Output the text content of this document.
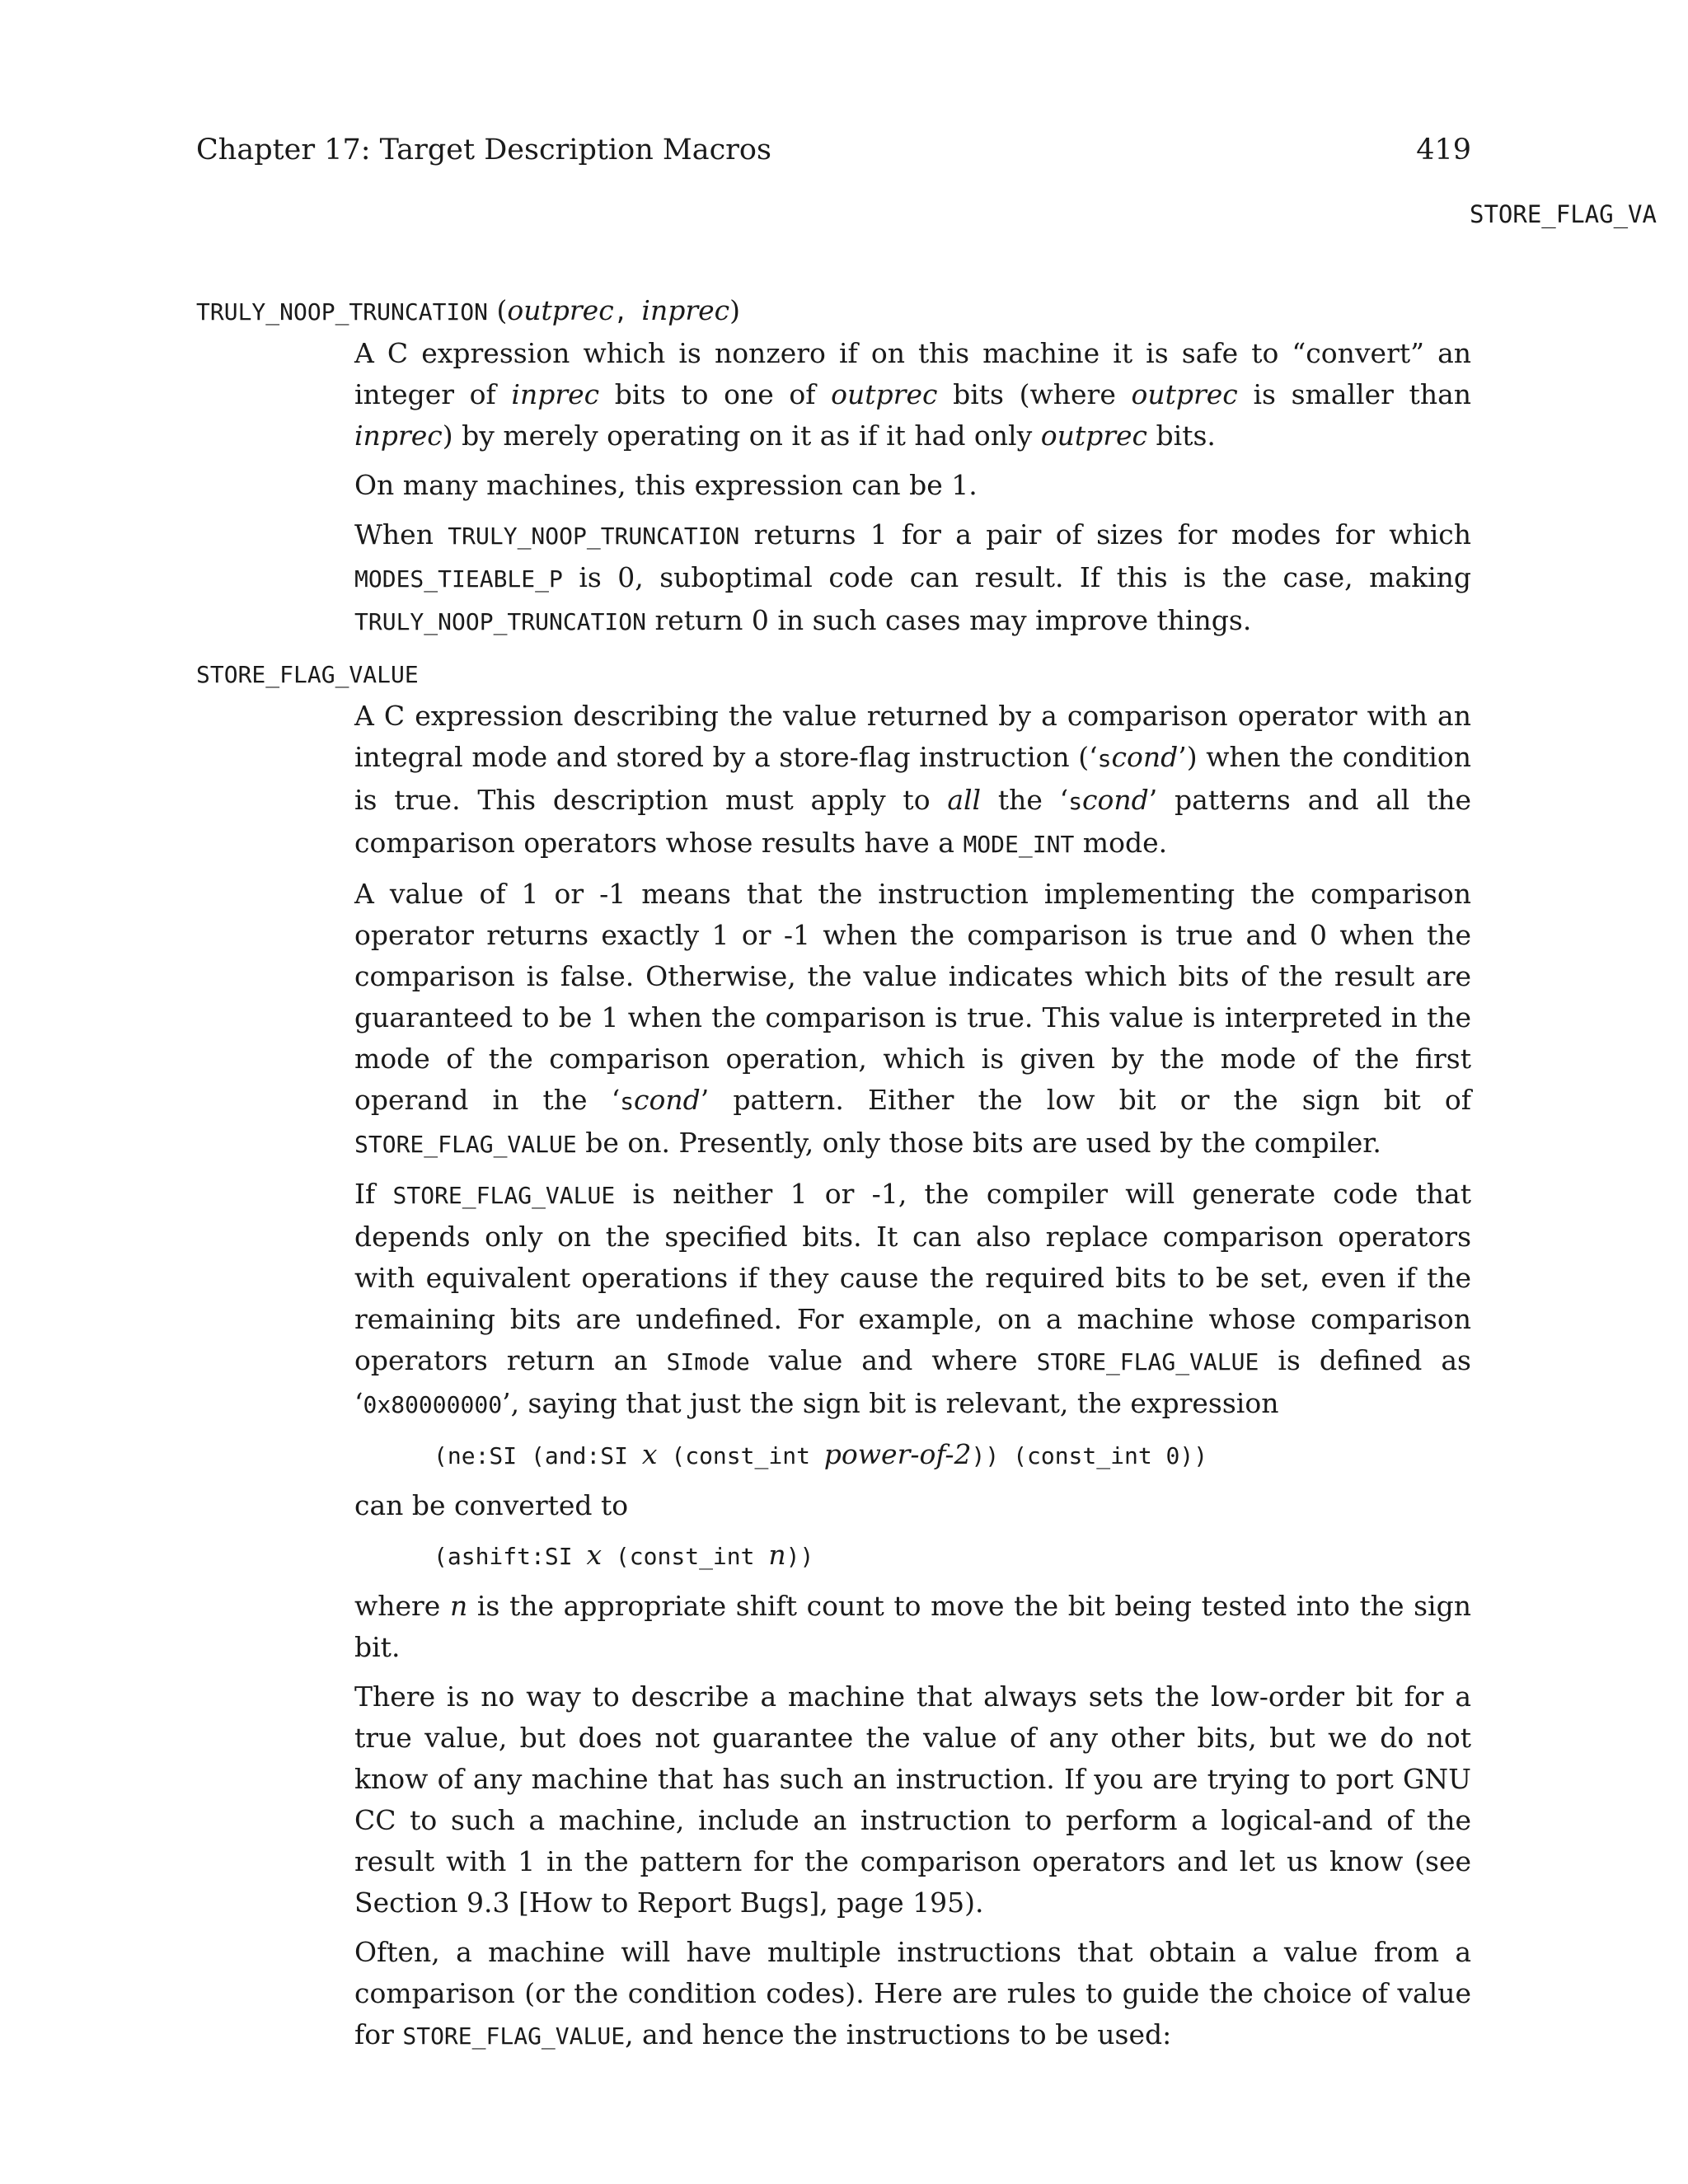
Chapter 17: Target Description Macros	419
STORE_FLAG_VA
TRULY_NOOP_TRUNCATION (outprec, inprec)

A C expression which is nonzero if on this machine it is safe to “convert” an integer of inprec bits to one of outprec bits (where outprec is smaller than inprec) by merely operating on it as if it had only outprec bits.

On many machines, this expression can be 1.

When TRULY_NOOP_TRUNCATION returns 1 for a pair of sizes for modes for which MODES_TIEABLE_P is 0, suboptimal code can result. If this is the case, making TRULY_NOOP_TRUNCATION return 0 in such cases may improve things.

STORE_FLAG_VALUE

A C expression describing the value returned by a comparison operator with an integral mode and stored by a store-flag instruction (‘scond’) when the condition is true. This description must apply to all the ‘scond’ patterns and all the comparison operators whose results have a MODE_INT mode.

A value of 1 or -1 means that the instruction implementing the comparison operator returns exactly 1 or -1 when the comparison is true and 0 when the comparison is false. Otherwise, the value indicates which bits of the result are guaranteed to be 1 when the comparison is true. This value is interpreted in the mode of the comparison operation, which is given by the mode of the first operand in the ‘scond’ pattern. Either the low bit or the sign bit of STORE_FLAG_VALUE be on. Presently, only those bits are used by the compiler.

If STORE_FLAG_VALUE is neither 1 or -1, the compiler will generate code that depends only on the specified bits. It can also replace comparison operators with equivalent operations if they cause the required bits to be set, even if the remaining bits are undefined. For example, on a machine whose comparison operators return an SImode value and where STORE_FLAG_VALUE is defined as ‘0x80000000’, saying that just the sign bit is relevant, the expression

(ne:SI (and:SI x (const_int power-of-2)) (const_int 0))

can be converted to

(ashift:SI x (const_int n))

where n is the appropriate shift count to move the bit being tested into the sign bit.

There is no way to describe a machine that always sets the low-order bit for a true value, but does not guarantee the value of any other bits, but we do not know of any machine that has such an instruction. If you are trying to port GNU CC to such a machine, include an instruction to perform a logical-and of the result with 1 in the pattern for the comparison operators and let us know (see Section 9.3 [How to Report Bugs], page 195).

Often, a machine will have multiple instructions that obtain a value from a comparison (or the condition codes). Here are rules to guide the choice of value for STORE_FLAG_VALUE, and hence the instructions to be used:
